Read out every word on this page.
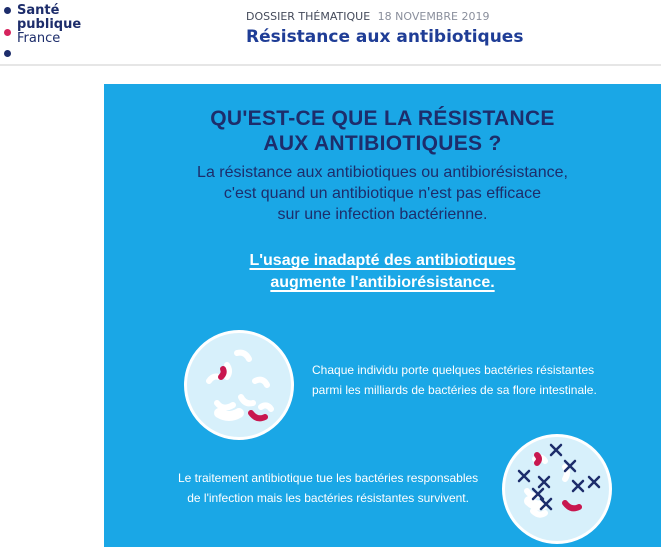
Santé
publique
France
DOSSIER THÉMATIQUE 18 NOVEMBRE 2019
Résistance aux antibiotiques
QU'EST-CE QUE LA RÉSISTANCE
AUX ANTIBIOTIQUES ?
La résistance aux antibiotiques ou antibiorésistance,
c'est quand un antibiotique n'est pas efficace
sur une infection bactérienne.
L'usage inadapté des antibiotiques
augmente l'antibiorésistance.
Chaque individu porte quelques bactéries résistantes
parmi les milliards de bactéries de sa flore intestinale.
Le traitement antibiotique tue les bactéries responsables
de l'infection mais les bactéries résistantes survivent.
